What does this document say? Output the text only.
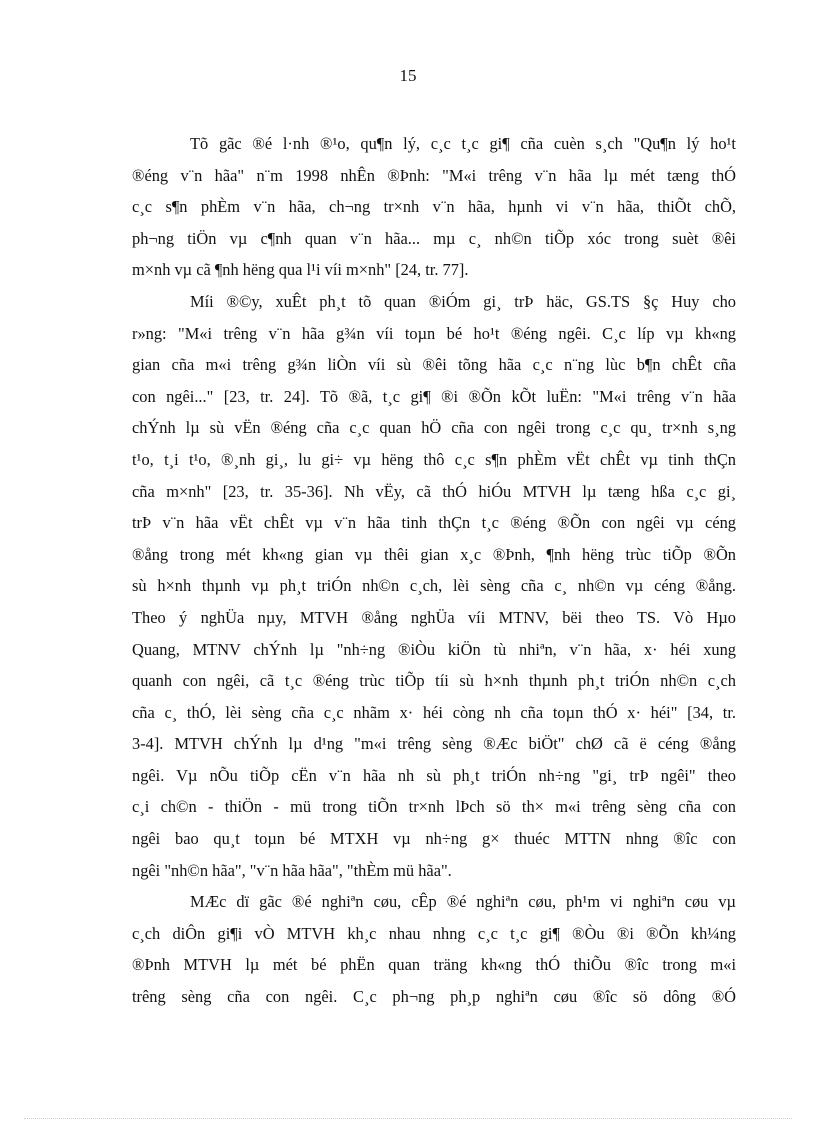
15
Tõ gãc ®é l·nh ®¹o, qu¶n lý, c¸c t¸c gi¶ cña cuèn s¸ch "Qu¶n lý ho¹t
®éng v¨n hãa" n¨m 1998 nhÊn ®Þnh: "M«i trêng v¨n hãa lµ mét tæng thÓ
c¸c s¶n phÈm v¨n hãa, ch¬ng tr×nh v¨n hãa, hµnh vi v¨n hãa, thiÕt chÕ,
ph¬ng tiÖn vµ c¶nh quan v¨n hãa... mµ c¸ nh©n tiÕp xóc trong suèt ®êi
m×nh vµ cã ¶nh hëng qua l¹i víi m×nh" [24, tr. 77].
Míi ®©y, xuÊt ph¸t tõ quan ®iÓm gi¸ trÞ häc, GS.TS §ç Huy cho
r»ng: "M«i trêng v¨n hãa g¾n víi toµn bé ho¹t ®éng ngêi. C¸c líp vµ kh«ng
gian cña m«i trêng g¾n liÒn víi sù ®êi tõng hãa c¸c n¨ng lùc b¶n chÊt cña
con ngêi..." [23, tr. 24]. Tõ ®ã, t¸c gi¶ ®i ®Õn kÕt luËn: "M«i trêng v¨n hãa
chÝnh lµ sù vËn ®éng cña c¸c quan hÖ cña con ngêi trong c¸c qu¸ tr×nh s¸ng
t¹o, t¸i t¹o, ®¸nh gi¸, lu gi÷ vµ hëng thô c¸c s¶n phÈm vËt chÊt vµ tinh thÇn
cña m×nh" [23, tr. 35-36]. Nh vËy, cã thÓ hiÓu MTVH lµ tæng hßa c¸c gi¸
trÞ v¨n hãa vËt chÊt vµ v¨n hãa tinh thÇn t¸c ®éng ®Õn con ngêi vµ céng
®ång trong mét kh«ng gian vµ thêi gian x¸c ®Þnh, ¶nh hëng trùc tiÕp ®Õn
sù h×nh thµnh vµ ph¸t triÓn nh©n c¸ch, lèi sèng cña c¸ nh©n vµ céng ®ång.
Theo ý nghÜa nµy, MTVH ®ång nghÜa víi MTNV, bëi theo TS. Vò Hµo
Quang, MTNV chÝnh lµ "nh÷ng ®iÒu kiÖn tù nhiªn, v¨n hãa, x· héi xung
quanh con ngêi, cã t¸c ®éng trùc tiÕp tíi sù h×nh thµnh ph¸t triÓn nh©n c¸ch
cña c¸ thÓ, lèi sèng cña c¸c nhãm x· héi còng nh cña toµn thÓ x· héi" [34, tr.
3-4]. MTVH chÝnh lµ d¹ng "m«i trêng sèng ®Æc biÖt" chØ cã ë céng ®ång
ngêi. Vµ nÕu tiÕp cËn v¨n hãa nh sù ph¸t triÓn nh÷ng "gi¸ trÞ ngêi" theo
c¸i ch©n - thiÖn - mü trong tiÕn tr×nh lÞch sö th× m«i trêng sèng cña con
ngêi bao qu¸t toµn bé MTXH vµ nh÷ng g× thuéc MTTN nhng ®îc con
ngêi "nh©n hãa", "v¨n hãa hãa", "thÈm mü hãa".
MÆc dï gãc ®é nghiªn cøu, cÊp ®é nghiªn cøu, ph¹m vi nghiªn cøu vµ
c¸ch diÔn gi¶i vÒ MTVH kh¸c nhau nhng c¸c t¸c gi¶ ®Òu ®i ®Õn kh¼ng
®Þnh MTVH lµ mét bé phËn quan träng kh«ng thÓ thiÕu ®îc trong m«i
trêng sèng cña con ngêi. C¸c ph¬ng ph¸p nghiªn cøu ®îc sö dông ®Ó
